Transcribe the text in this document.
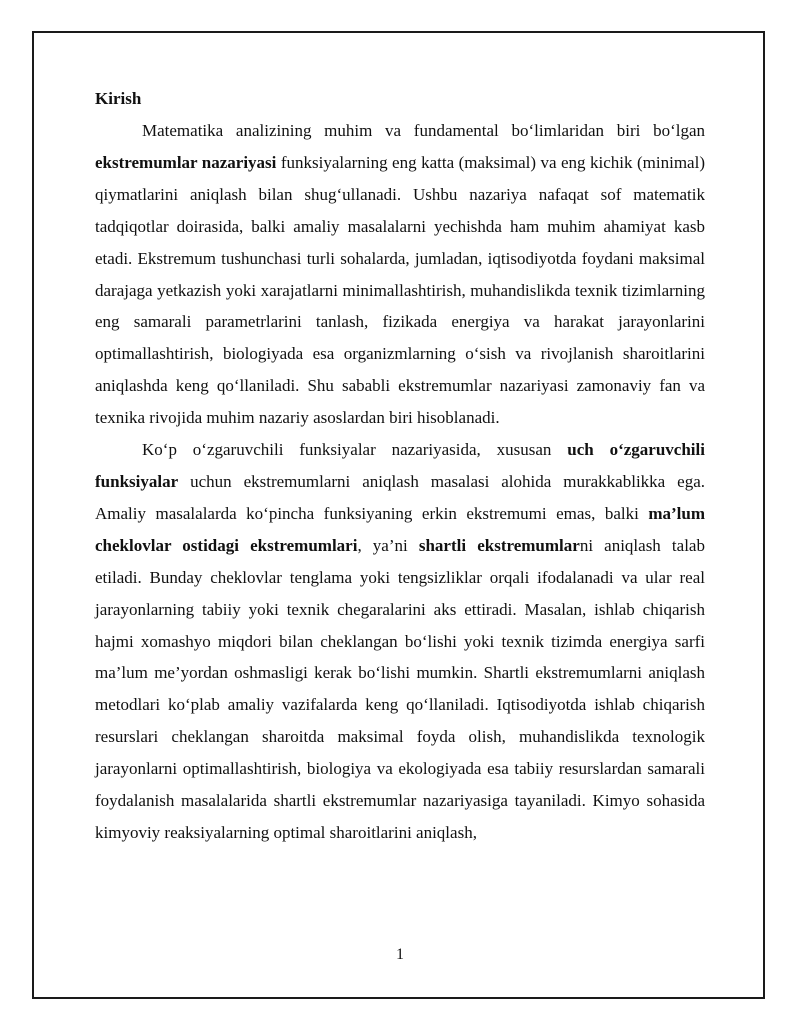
Kirish

Matematika analizining muhim va fundamental bo‘limlaridan biri bo‘lgan ekstremumlar nazariyasi funksiyalarning eng katta (maksimal) va eng kichik (minimal) qiymatlarini aniqlash bilan shug‘ullanadi. Ushbu nazariya nafaqat sof matematik tadqiqotlar doirasida, balki amaliy masalalarni yechishda ham muhim ahamiyat kasb etadi. Ekstremum tushunchasi turli sohalarda, jumladan, iqtisodiyotda foydani maksimal darajaga yetkazish yoki xarajatlarni minimallashtirish, muhandislikda texnik tizimlarning eng samarali parametrlarini tanlash, fizikada energiya va harakat jarayonlarini optimallashtirish, biologiyada esa organizmlarning o‘sish va rivojlanish sharoitlarini aniqlashda keng qo‘llaniladi. Shu sababli ekstremumlar nazariyasi zamonaviy fan va texnika rivojida muhim nazariy asoslardan biri hisoblanadi.

Ko‘p o‘zgaruvchili funksiyalar nazariyasida, xususan uch o‘zgaruvchili funksiyalar uchun ekstremumlarni aniqlash masalasi alohida murakkablikka ega. Amaliy masalalarda ko‘pincha funksiyaning erkin ekstremumi emas, balki ma’lum cheklovlar ostidagi ekstremumlari, ya’ni shartli ekstremumlarni aniqlash talab etiladi. Bunday cheklovlar tenglama yoki tengsizliklar orqali ifodalanadi va ular real jarayonlarning tabiiy yoki texnik chegaralarini aks ettiradi. Masalan, ishlab chiqarish hajmi xomashyo miqdori bilan cheklangan bo‘lishi yoki texnik tizimda energiya sarfi ma’lum me’yordan oshmasligi kerak bo‘lishi mumkin. Shartli ekstremumlarni aniqlash metodlari ko‘plab amaliy vazifalarda keng qo‘llaniladi. Iqtisodiyotda ishlab chiqarish resurslari cheklangan sharoitda maksimal foyda olish, muhandislikda texnologik jarayonlarni optimallashtirish, biologiya va ekologiyada esa tabiiy resurslardan samarali foydalanish masalalarida shartli ekstremumlar nazariyasiga tayaniladi. Kimyo sohasida kimyoviy reaksiyalarning optimal sharoitlarini aniqlash,

1
